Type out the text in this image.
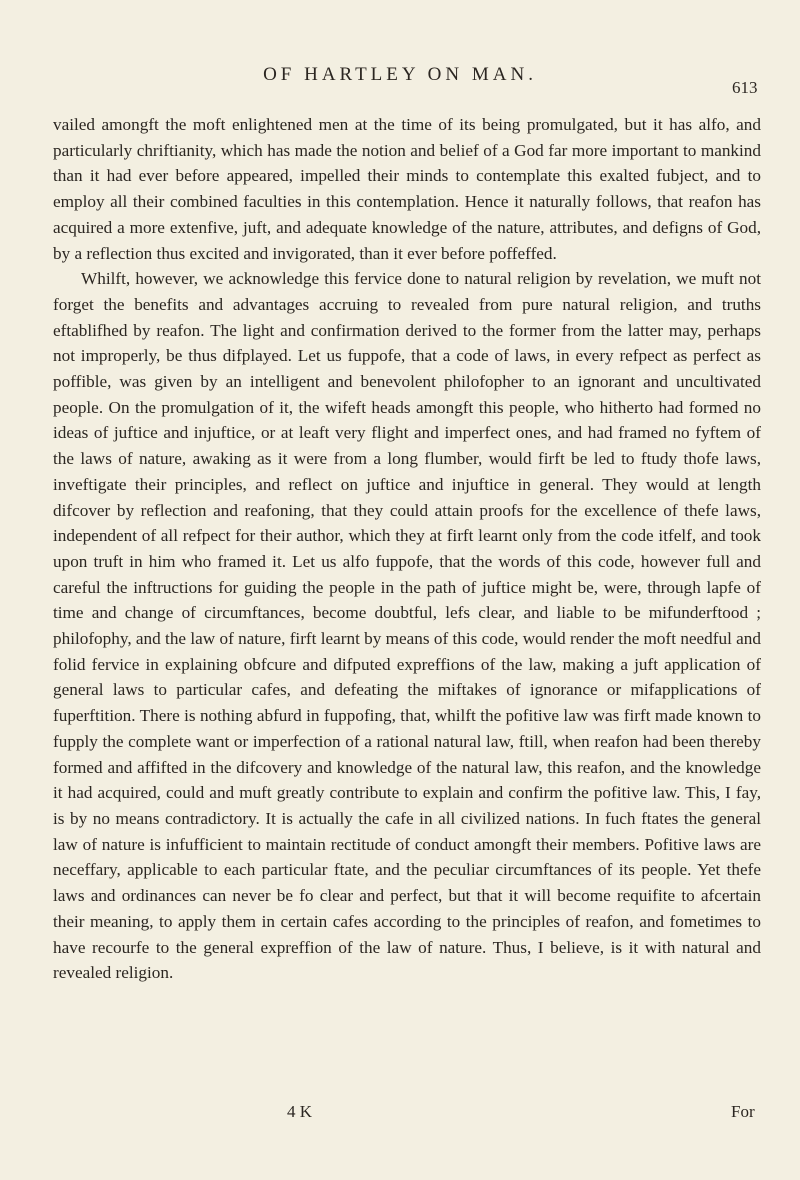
OF HARTLEY ON MAN.
613

vailed amongft the moft enlightened men at the time of its being promulgated, but it has alfo, and particularly chriftianity, which has made the notion and belief of a God far more important to mankind than it had ever before appeared, impelled their minds to contemplate this exalted fubject, and to employ all their combined faculties in this contemplation. Hence it naturally follows, that reafon has acquired a more extenfive, juft, and adequate knowledge of the nature, attributes, and defigns of God, by a reflection thus excited and invigorated, than it ever before poffeffed.

Whilft, however, we acknowledge this fervice done to natural religion by revelation, we muft not forget the benefits and advantages accruing to revealed from pure natural religion, and truths eftablifhed by reafon. The light and confirmation derived to the former from the latter may, perhaps not improperly, be thus difplayed. Let us fuppofe, that a code of laws, in every refpect as perfect as poffible, was given by an intelligent and benevolent philofopher to an ignorant and uncultivated people. On the promulgation of it, the wifeft heads amongft this people, who hitherto had formed no ideas of juftice and injuftice, or at leaft very flight and imperfect ones, and had framed no fyftem of the laws of nature, awaking as it were from a long flumber, would firft be led to ftudy thofe laws, inveftigate their principles, and reflect on juftice and injuftice in general. They would at length difcover by reflection and reafoning, that they could attain proofs for the excellence of thefe laws, independent of all refpect for their author, which they at firft learnt only from the code itfelf, and took upon truft in him who framed it. Let us alfo fuppofe, that the words of this code, however full and careful the inftructions for guiding the people in the path of juftice might be, were, through lapfe of time and change of circumftances, become doubtful, lefs clear, and liable to be mifunderftood ; philofophy, and the law of nature, firft learnt by means of this code, would render the moft needful and folid fervice in explaining obfcure and difputed expreffions of the law, making a juft application of general laws to particular cafes, and defeating the miftakes of ignorance or mifapplications of fuperftition. There is nothing abfurd in fuppofing, that, whilft the pofitive law was firft made known to fupply the complete want or imperfection of a rational natural law, ftill, when reafon had been thereby formed and affifted in the difcovery and knowledge of the natural law, this reafon, and the knowledge it had acquired, could and muft greatly contribute to explain and confirm the pofitive law. This, I fay, is by no means contradictory. It is actually the cafe in all civilized nations. In fuch ftates the general law of nature is infufficient to maintain rectitude of conduct amongft their members. Pofitive laws are neceffary, applicable to each particular ftate, and the peculiar circumftances of its people. Yet thefe laws and ordinances can never be fo clear and perfect, but that it will become requifite to afcertain their meaning, to apply them in certain cafes according to the principles of reafon, and fometimes to have recourfe to the general expreffion of the law of nature. Thus, I believe, is it with natural and revealed religion.

4 K	For
